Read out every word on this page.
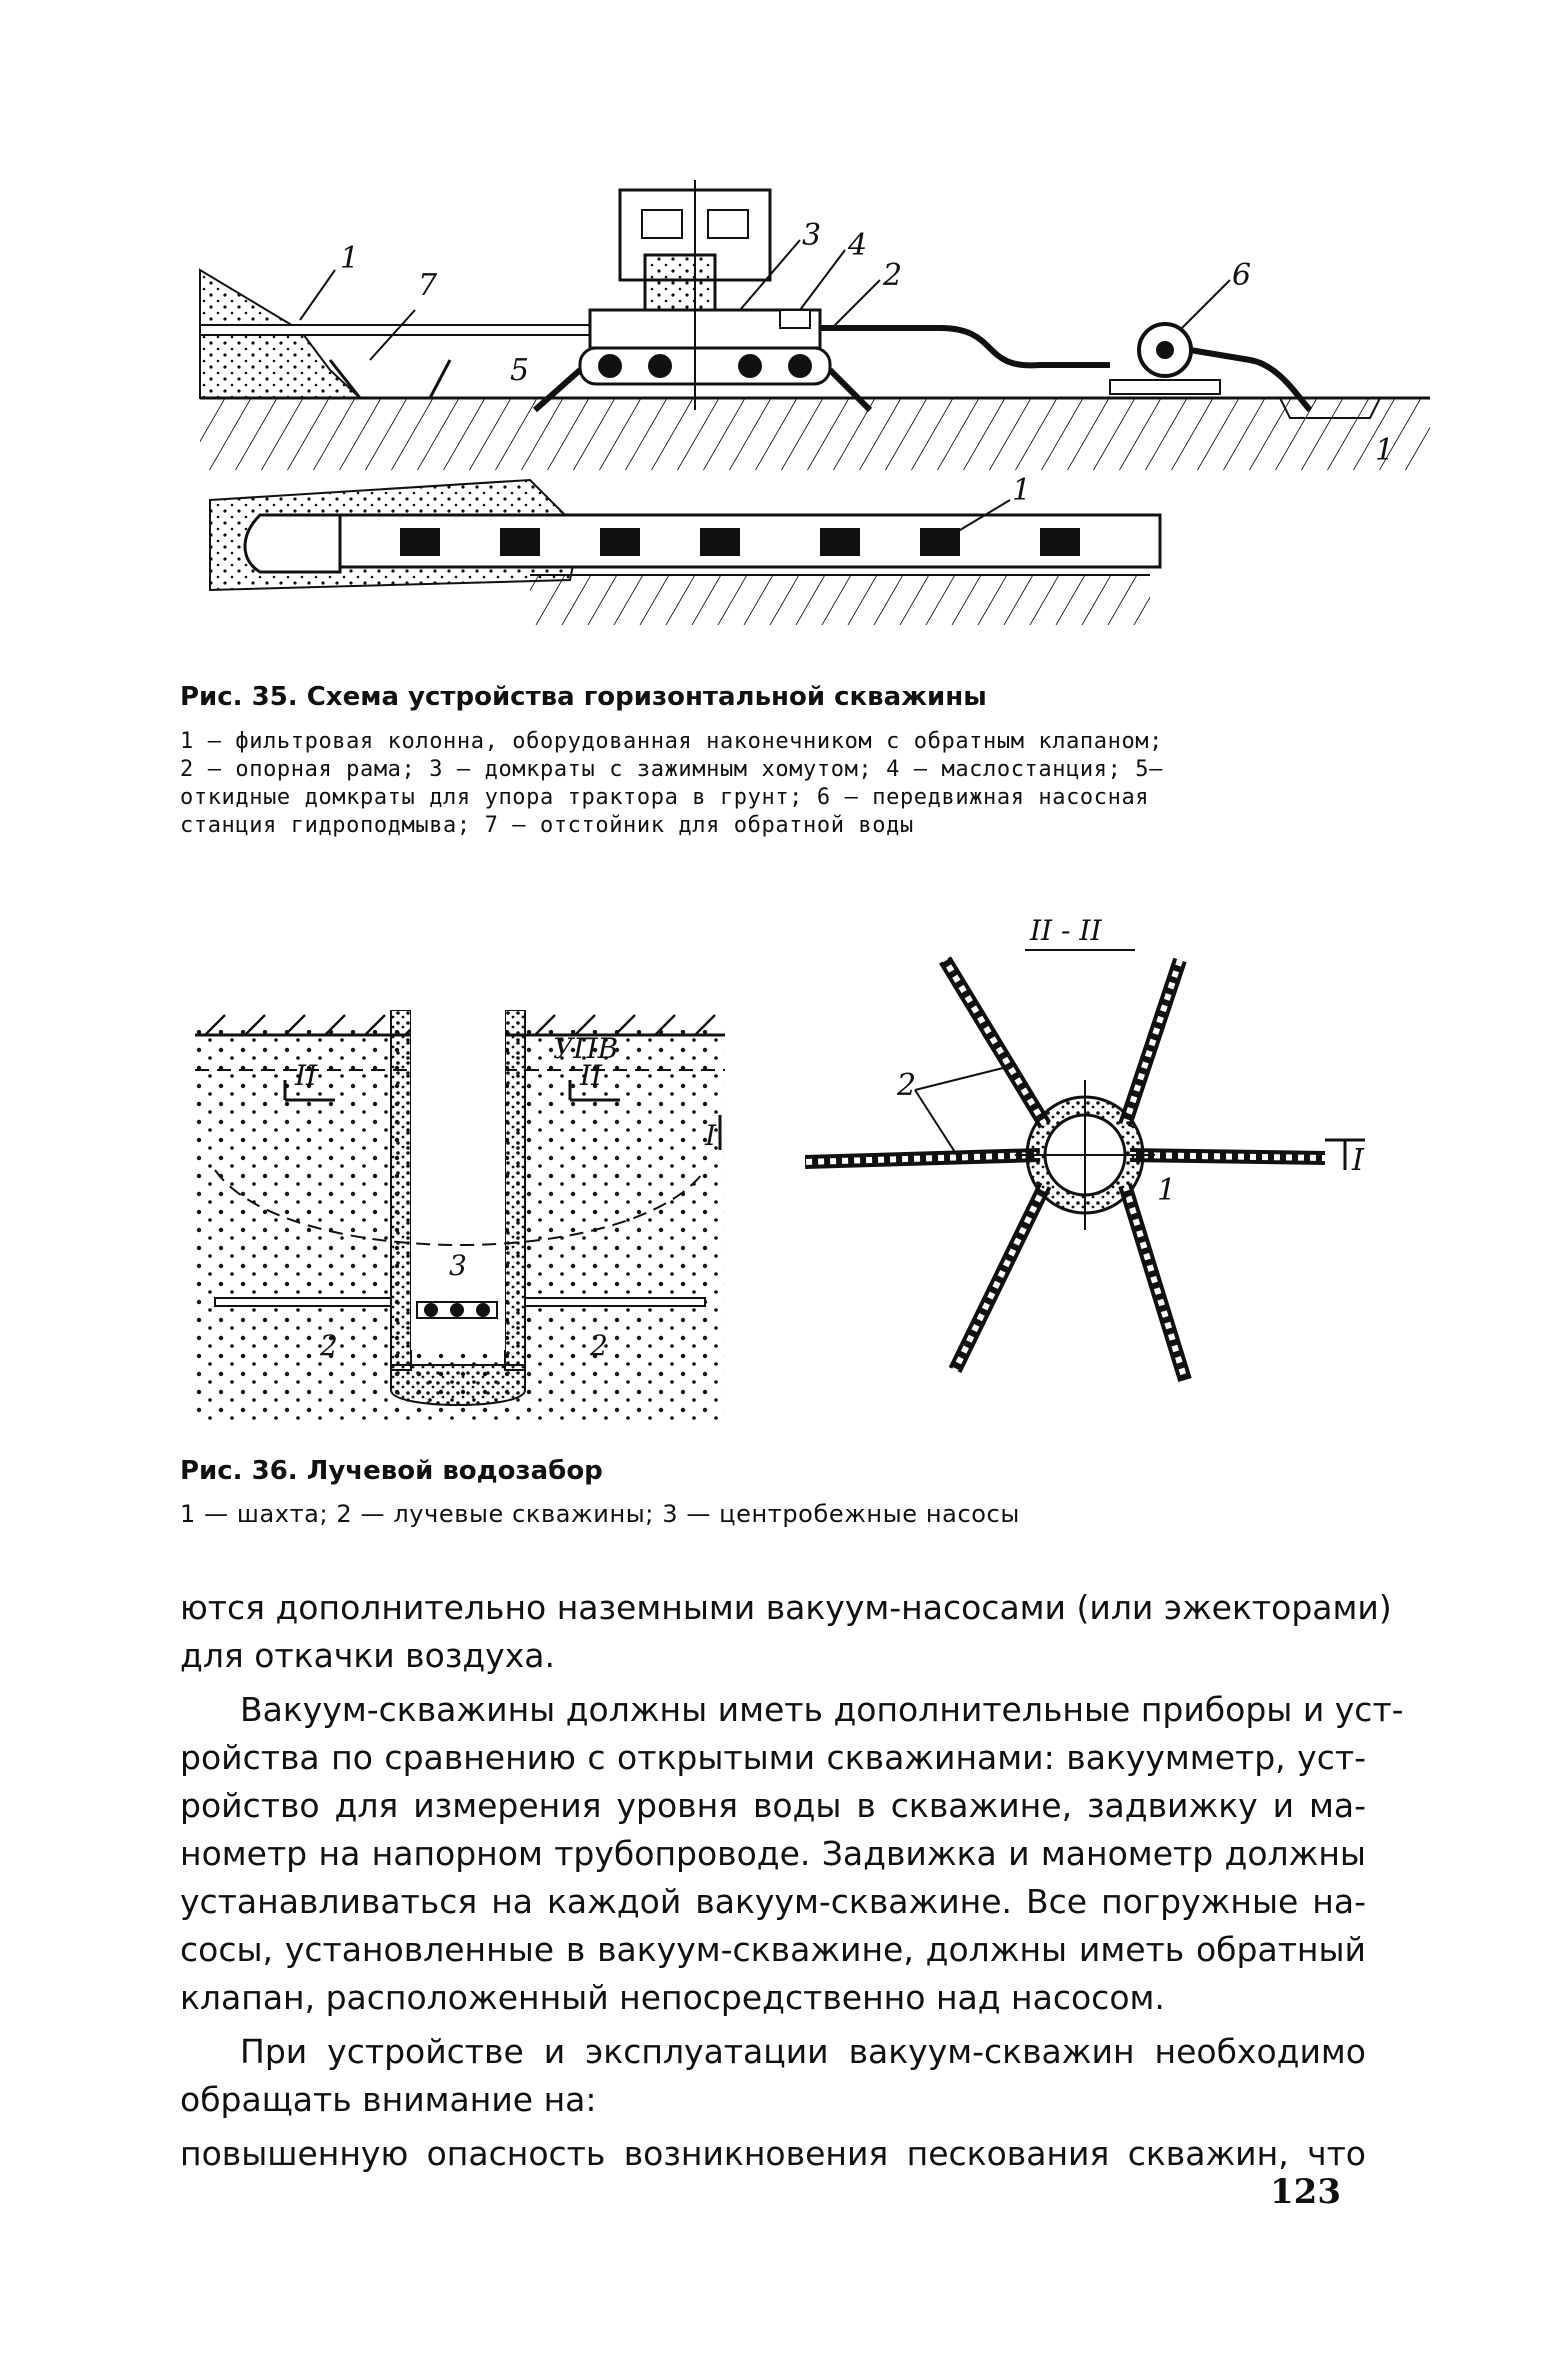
1
7
3 4
2	6
5
1
1
Рис. 35. Схема устройства горизонтальной скважины
1 — фильтровая колонна, оборудованная наконечником с обратным клапаном;
2 — опорная рама; 3 — домкраты с зажимным хомутом; 4 — маслостанция; 5—
откидные домкраты для упора трактора в грунт; 6 — передвижная насосная
станция гидроподмыва; 7 — отстойник для обратной воды
УПВ
II	II
I
3
2	2
II - II
I
2
1
Рис. 36. Лучевой водозабор
1 — шахта; 2 — лучевые скважины; 3 — центробежные насосы

ются дополнительно наземными вакуум-насосами (или эжекторами)
для откачки воздуха.

Вакуум-скважины должны иметь дополнительные приборы и уст-
ройства по сравнению с открытыми скважинами: вакуумметр, уст-
ройство для измерения уровня воды в скважине, задвижку и ма-
нометр на напорном трубопроводе. Задвижка и манометр должны
устанавливаться на каждой вакуум-скважине. Все погружные на-
сосы, установленные в вакуум-скважине, должны иметь обратный
клапан, расположенный непосредственно над насосом.

При устройстве и эксплуатации вакуум-скважин необходимо
обращать внимание на:

повышенную опасность возникновения пескования скважин, что

123
